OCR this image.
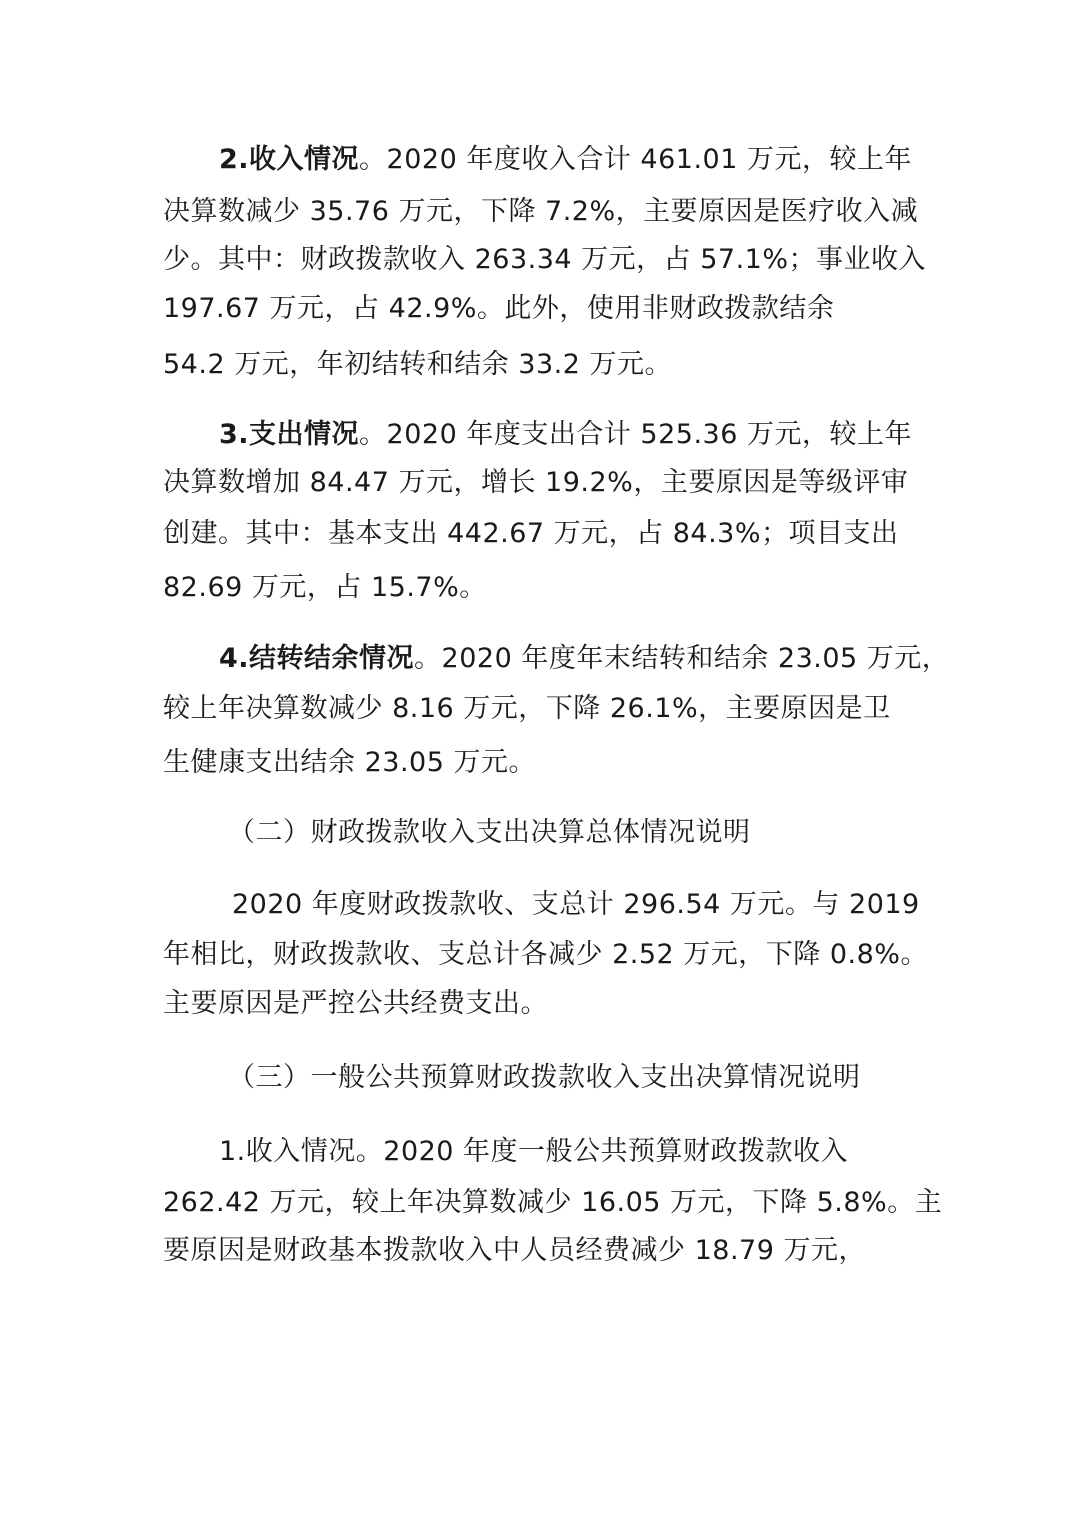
2.收入情况。2020 年度收入合计 461.01 万元，较上年
决算数减少 35.76 万元，下降 7.2%，主要原因是医疗收入减
少。其中：财政拨款收入 263.34 万元，占 57.1%；事业收入
197.67 万元，占 42.9%。此外，使用非财政拨款结余
54.2 万元，年初结转和结余 33.2 万元。
3.支出情况。2020 年度支出合计 525.36 万元，较上年
决算数增加 84.47 万元，增长 19.2%，主要原因是等级评审
创建。其中：基本支出 442.67 万元，占 84.3%；项目支出
82.69 万元，占 15.7%。
4.结转结余情况。2020 年度年末结转和结余 23.05 万元，
较上年决算数减少 8.16 万元，下降 26.1%，主要原因是卫
生健康支出结余 23.05 万元。
（二）财政拨款收入支出决算总体情况说明
2020 年度财政拨款收、支总计 296.54 万元。与 2019
年相比，财政拨款收、支总计各减少 2.52 万元，下降 0.8%。
主要原因是严控公共经费支出。
（三）一般公共预算财政拨款收入支出决算情况说明
1.收入情况。2020 年度一般公共预算财政拨款收入
262.42 万元，较上年决算数减少 16.05 万元，下降 5.8%。主
要原因是财政基本拨款收入中人员经费减少 18.79 万元，
